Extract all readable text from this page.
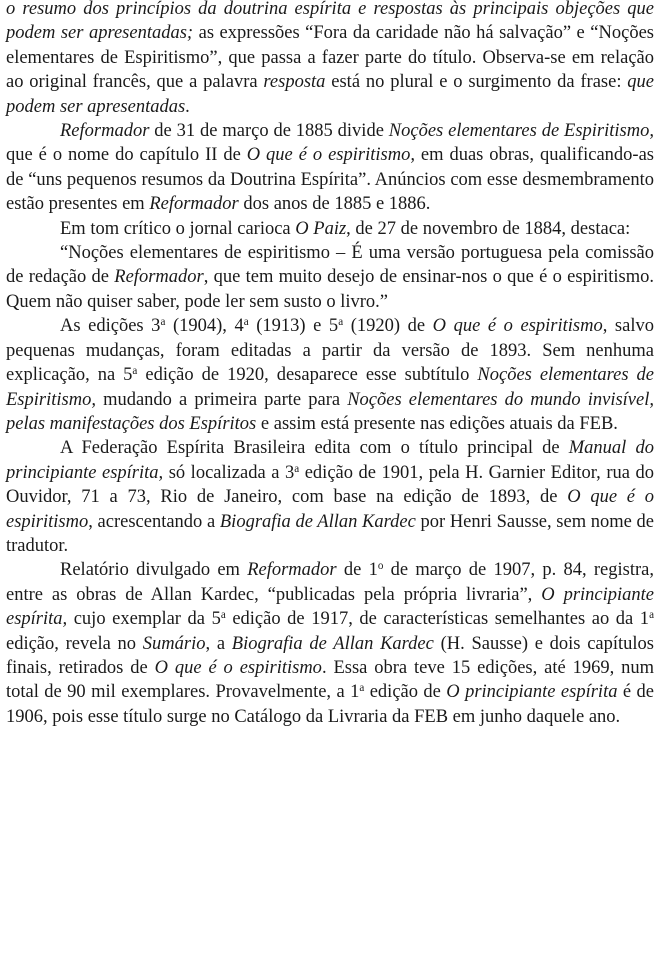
o resumo dos princípios da doutrina espírita e respostas às principais objeções que podem ser apresentadas; as expressões “Fora da caridade não há salvação” e “Noções elementares de Espiritismo”, que passa a fazer parte do título. Observa-se em relação ao original francês, que a palavra resposta está no plural e o surgimento da frase: que podem ser apresentadas.

Reformador de 31 de março de 1885 divide Noções elementares de Espiritismo, que é o nome do capítulo II de O que é o espiritismo, em duas obras, qualificando-as de “uns pequenos resumos da Doutrina Espírita”. Anúncios com esse desmembramento estão presentes em Reformador dos anos de 1885 e 1886.

Em tom crítico o jornal carioca O Paiz, de 27 de novembro de 1884, destaca:

“Noções elementares de espiritismo – É uma versão portuguesa pela comissão de redação de Reformador, que tem muito desejo de ensinar-nos o que é o espiritismo. Quem não quiser saber, pode ler sem susto o livro.”

As edições 3$^a$ (1904), 4$^a$ (1913) e 5$^a$ (1920) de O que é o espiritismo, salvo pequenas mudanças, foram editadas a partir da versão de 1893. Sem nenhuma explicação, na 5$^a$ edição de 1920, desaparece esse subtítulo Noções elementares de Espiritismo, mudando a primeira parte para Noções elementares do mundo invisível, pelas manifestações dos Espíritos e assim está presente nas edições atuais da FEB.

A Federação Espírita Brasileira edita com o título principal de Manual do principiante espírita, só localizada a 3$^a$ edição de 1901, pela H. Garnier Editor, rua do Ouvidor, 71 a 73, Rio de Janeiro, com base na edição de 1893, de O que é o espiritismo, acrescentando a Biografia de Allan Kardec por Henri Sausse, sem nome de tradutor.

Relatório divulgado em Reformador de 1$^o$ de março de 1907, p. 84, registra, entre as obras de Allan Kardec, “publicadas pela própria livraria”, O principiante espírita, cujo exemplar da 5$^a$ edição de 1917, de características semelhantes ao da 1$^a$ edição, revela no Sumário, a Biografia de Allan Kardec (H. Sausse) e dois capítulos finais, retirados de O que é o espiritismo. Essa obra teve 15 edições, até 1969, num total de 90 mil exemplares. Provavelmente, a 1$^a$ edição de O principiante espírita é de 1906, pois esse título surge no Catálogo da Livraria da FEB em junho daquele ano.
